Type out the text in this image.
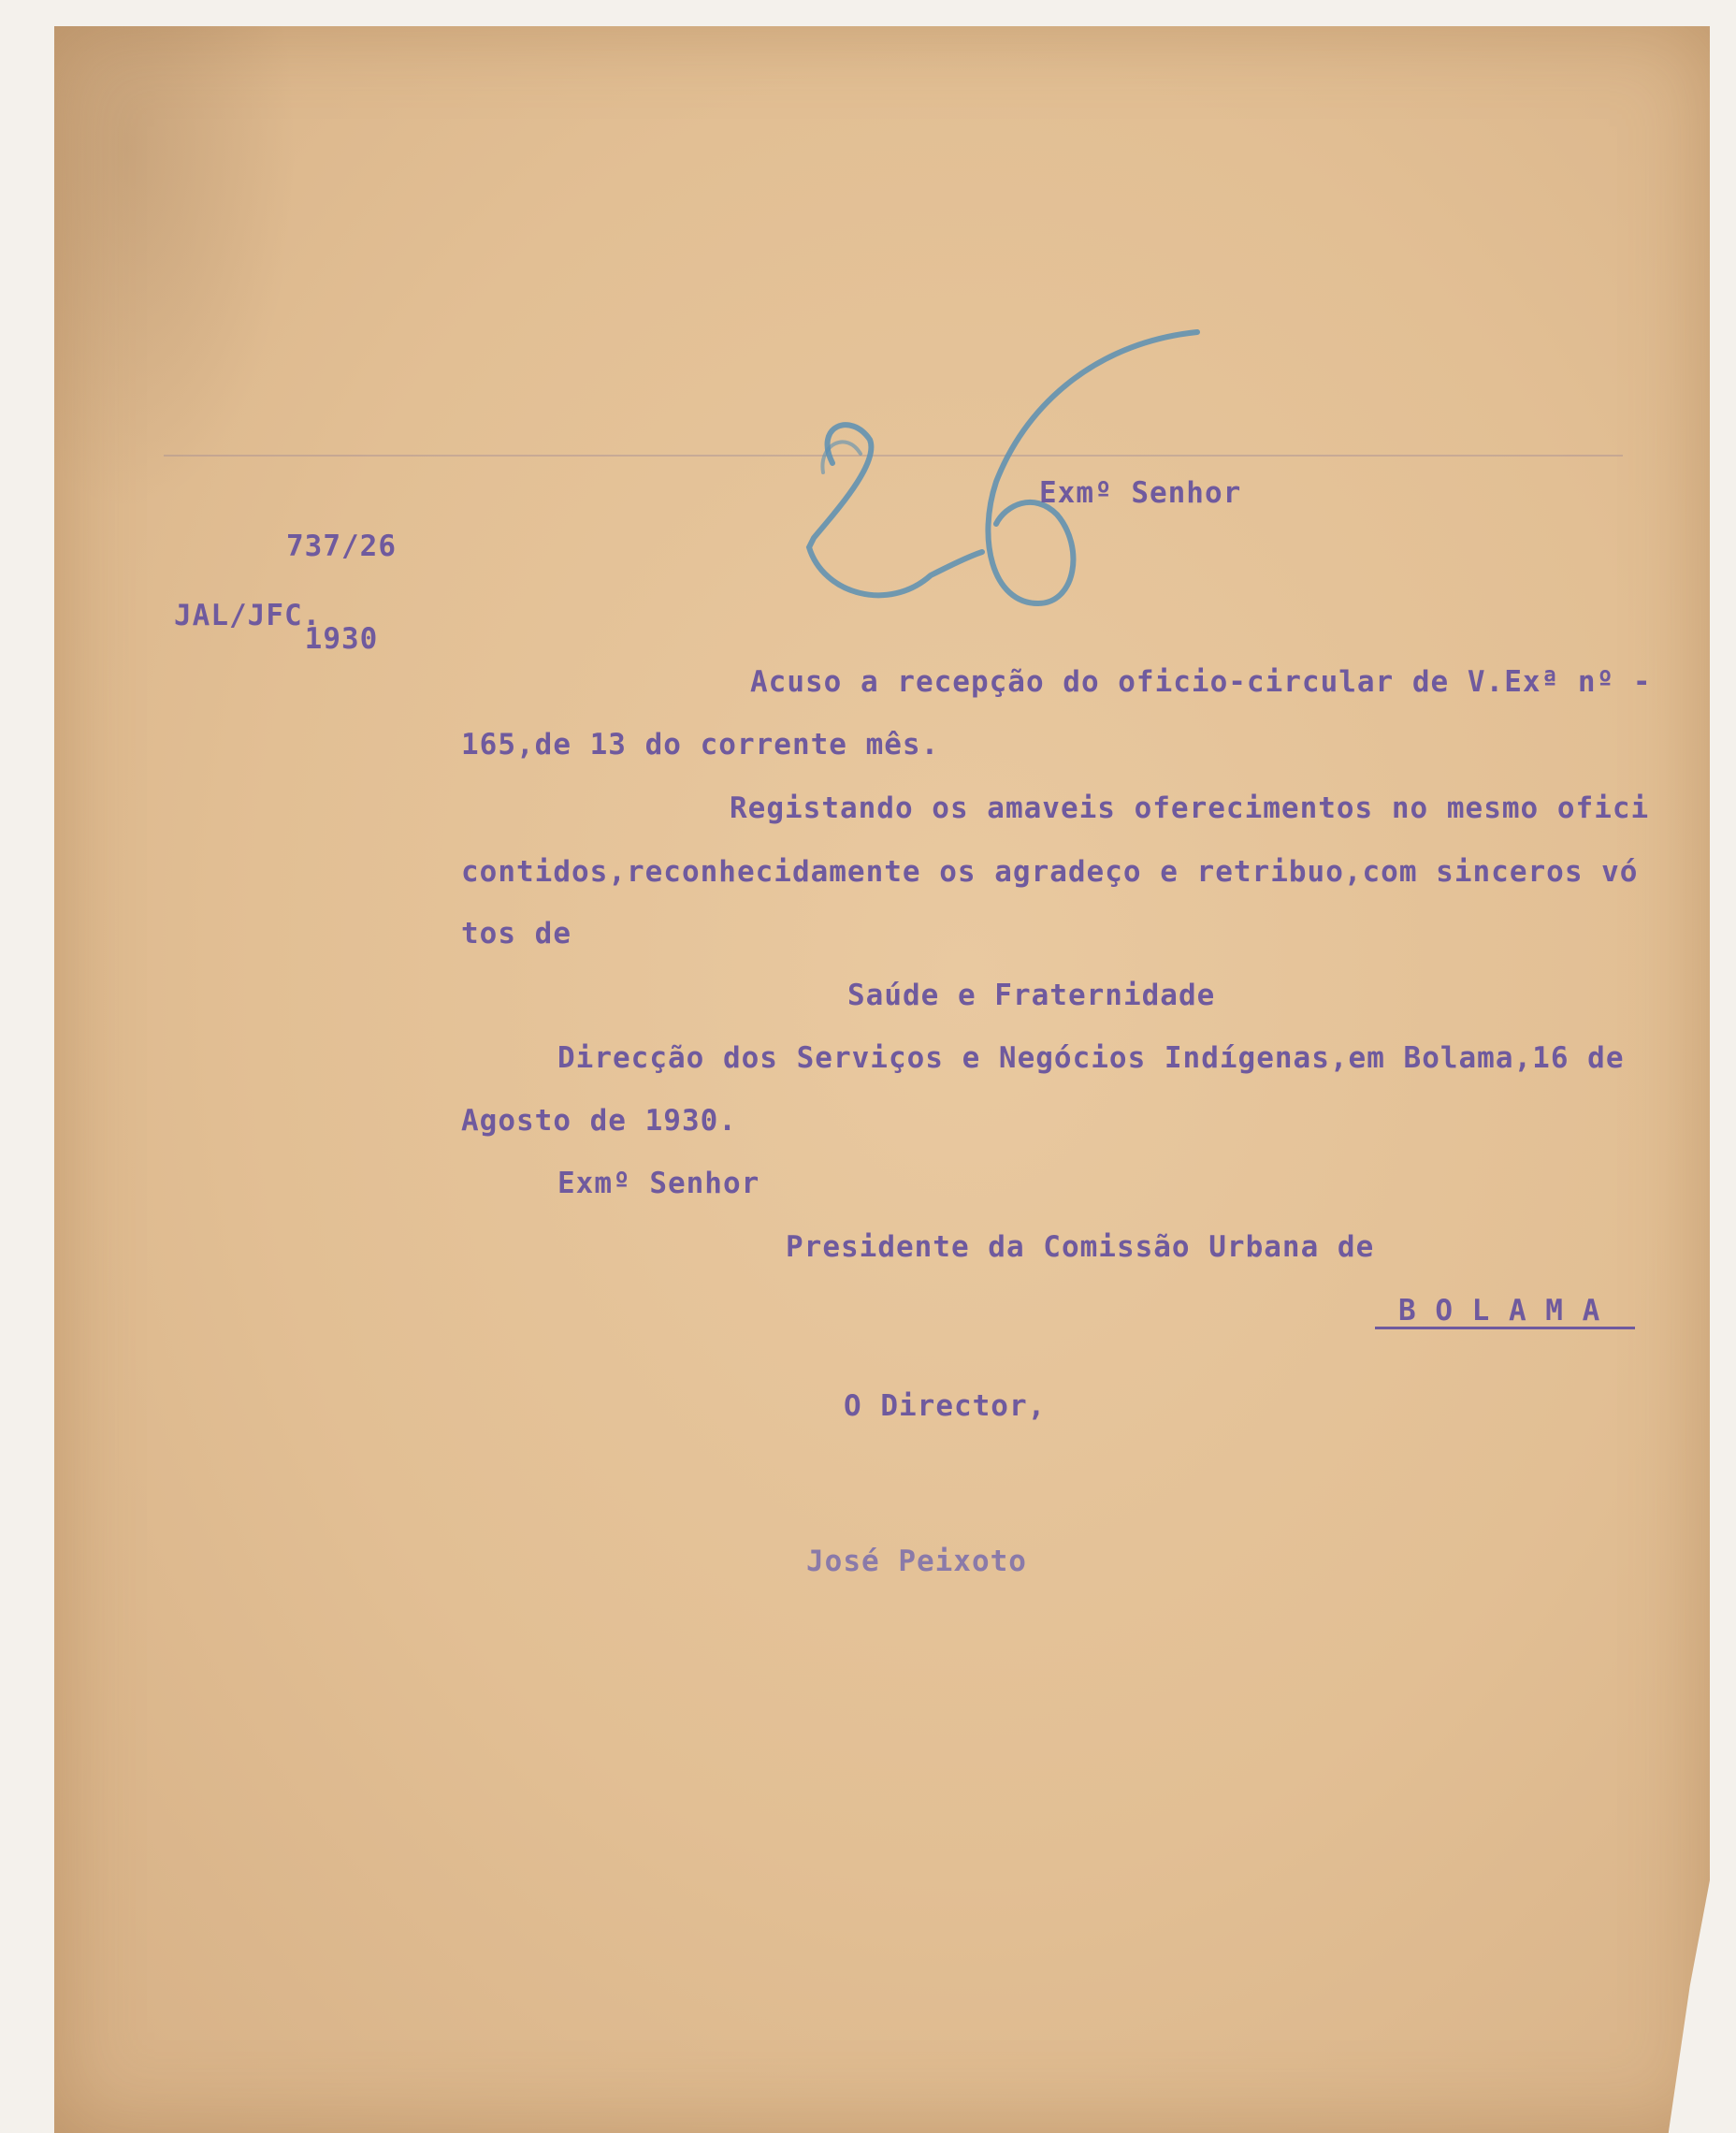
737/26

1930

Exmº Senhor
JAL/JFC.
Acuso a recepção do oficio-circular de V.Exª nº -
165,de 13 do corrente mês.
Registando os amaveis oferecimentos no mesmo ofici
contidos,reconhecidamente os agradeço e retribuo,com sinceros vó
tos de
Saúde e Fraternidade
Direcção dos Serviços e Negócios Indígenas,em Bolama,16 de
Agosto de 1930.
Exmº Senhor
Presidente da Comissão Urbana de
B O L A M A
O Director,
José Peixoto
